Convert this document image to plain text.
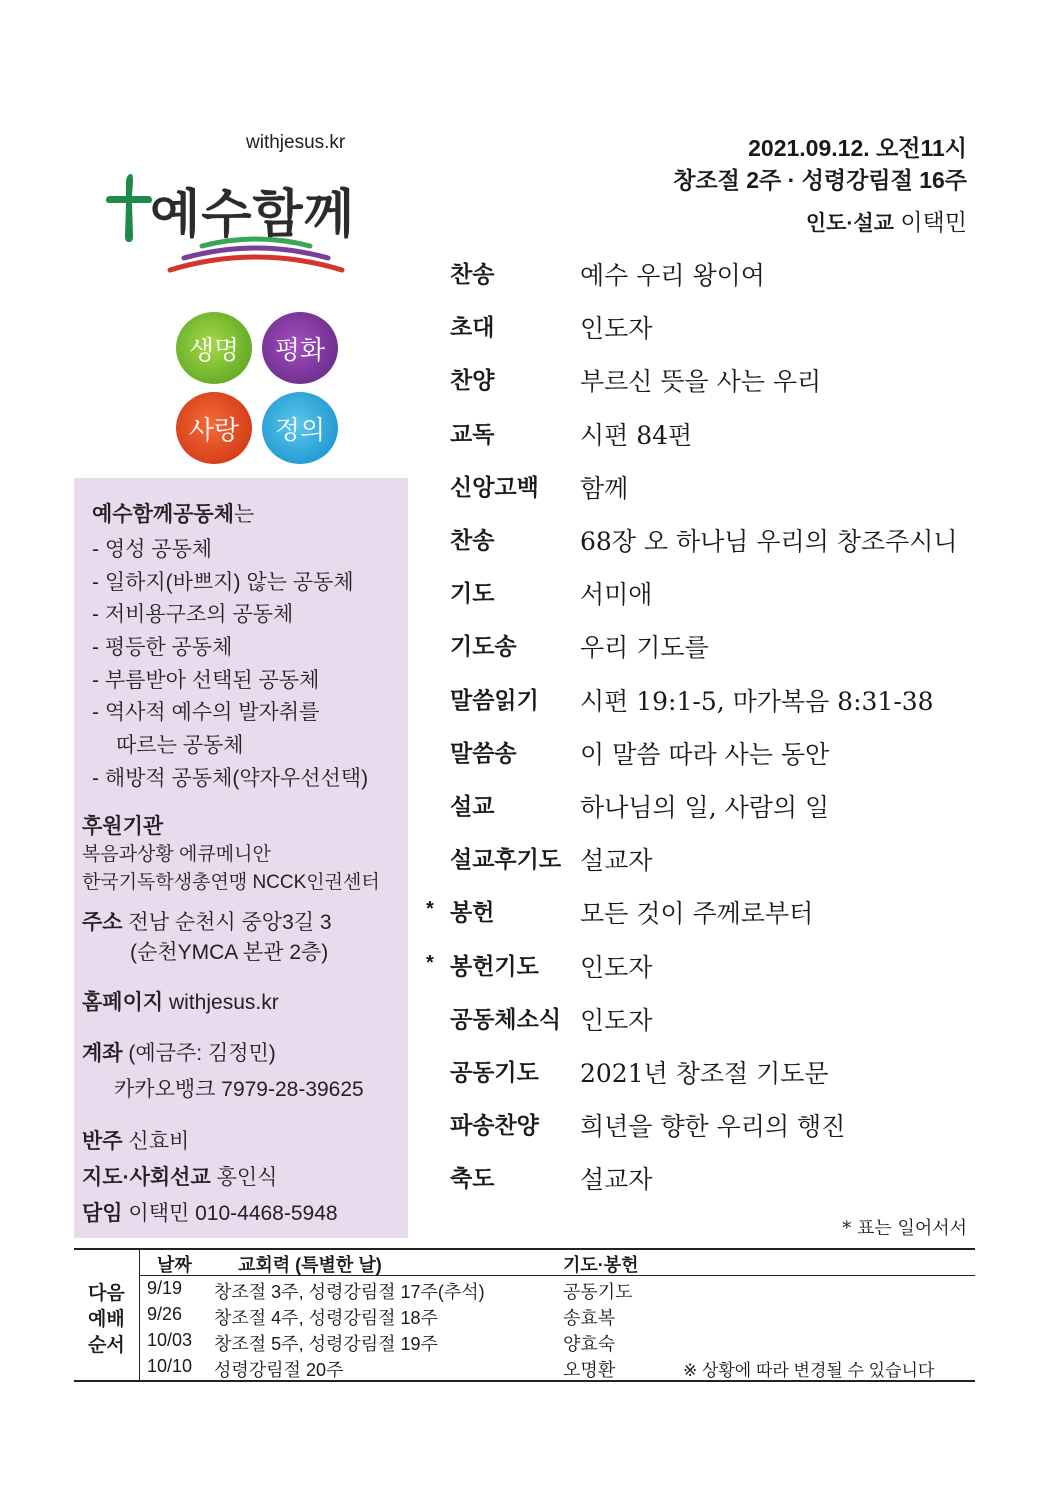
withjesus.kr
예수함께
생명	평화
사랑	정의
예수함께공동체는
- 영성 공동체
- 일하지(바쁘지) 않는 공동체
- 저비용구조의 공동체
- 평등한 공동체
- 부름받아 선택된 공동체
- 역사적 예수의 발자취를
따르는 공동체
- 해방적 공동체(약자우선선택)
후원기관
복음과상황 에큐메니안
한국기독학생총연맹 NCCK인권센터
주소 전남 순천시 중앙3길 3
(순천YMCA 본관 2층)
홈페이지 withjesus.kr
계좌 (예금주: 김정민)
카카오뱅크 7979-28-39625
반주 신효비
지도·사회선교 홍인식
담임 이택민 010-4468-5948
2021.09.12. 오전11시
창조절 2주 · 성령강림절 16주
인도·설교 이택민
찬송	예수 우리 왕이여
초대	인도자
찬양	부르신 뜻을 사는 우리
교독	시편 84편
신앙고백 함께
찬송	68장 오 하나님 우리의 창조주시니
기도	서미애
기도송	우리 기도를
말씀읽기 시편 19:1-5, 마가복음 8:31-38
말씀송	이 말씀 따라 사는 동안
설교	하나님의 일, 사람의 일
설교후기도 설교자
* 봉헌	모든 것이 주께로부터
* 봉헌기도 인도자
공동체소식 인도자
공동기도 2021년 창조절 기도문
파송찬양 희년을 향한 우리의 행진
축도	설교자
* 표는 일어서서
다음
예배
순서
날짜	교회력 (특별한 날)	기도·봉헌
9/19 창조절 3주, 성령강림절 17주(추석)	공동기도
9/26 창조절 4주, 성령강림절 18주	송효복
10/03 창조절 5주, 성령강림절 19주	양효숙
10/10 성령강림절 20주	오명환	※ 상황에 따라 변경될 수 있습니다
